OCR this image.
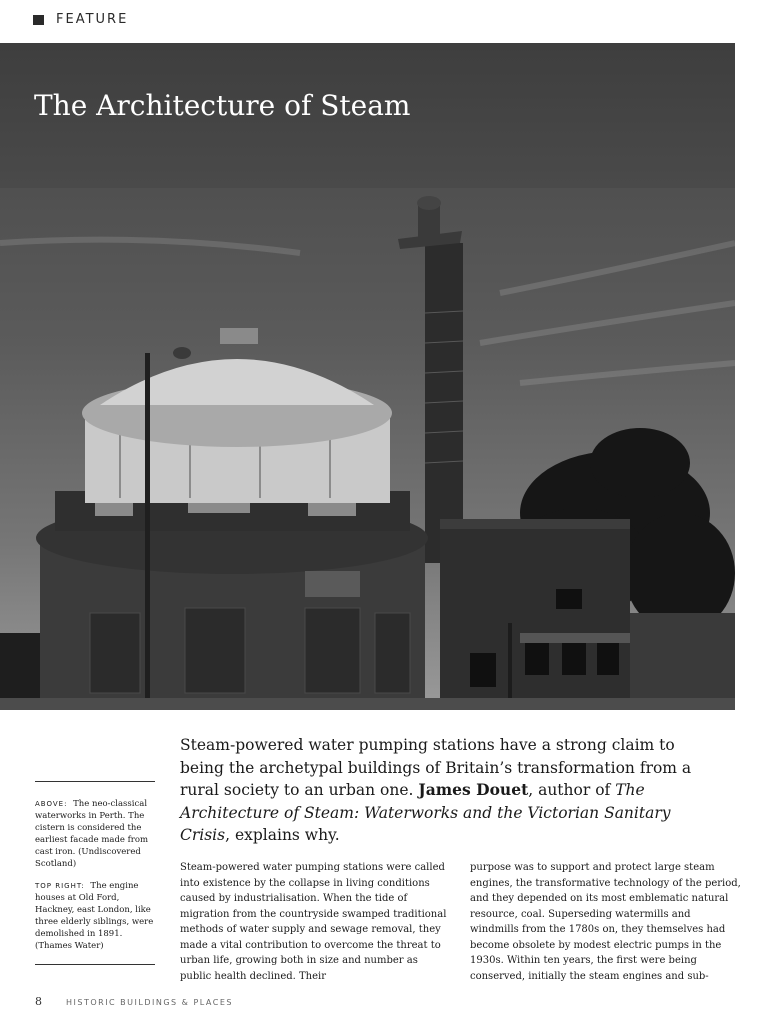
FEATURE
The Architecture of Steam

ABOVE: The neo-classical waterworks in Perth. The cistern is considered the earliest facade made from cast iron. (Undiscovered Scotland)

TOP RIGHT: The engine houses at Old Ford, Hackney, east London, like three elderly siblings, were demolished in 1891. (Thames Water)

Steam-powered water pumping stations have a strong claim to being the archetypal buildings of Britain’s transformation from a rural society to an urban one. James Douet, author of The Architecture of Steam: Waterworks and the Victorian Sanitary Crisis, explains why.

Steam-powered water pumping stations were called into existence by the collapse in living conditions caused by industrialisation. When the tide of migration from the countryside swamped traditional methods of water supply and sewage removal, they made a vital contribution to overcome the threat to urban life, growing both in size and number as public health declined. Their

purpose was to support and protect large steam engines, the transformative technology of the period, and they depended on its most emblematic natural resource, coal. Superseding watermills and windmills from the 1780s on, they themselves had become obsolete by modest electric pumps in the 1930s. Within ten years, the first were being conserved, initially the steam engines and sub-

8	HISTORIC BUILDINGS & PLACES
